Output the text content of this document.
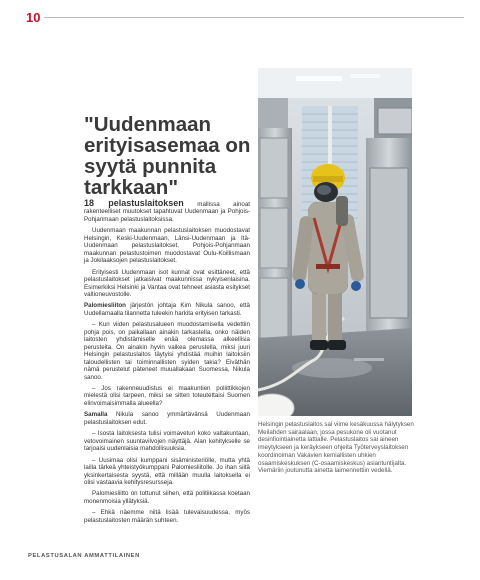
10
"Uudenmaan erityisasemaa on syytä punnita tarkkaan"

18 pelastuslaitoksen mallissa ainoat rakenteelliset muutokset tapahtuvat Uudenmaan ja Pohjois-Pohjanmaan pelastuslaitoksissa.

Uudenmaan maakunnan pelastuslaitoksen muodostavat Helsingin, Keski-Uudenmaan, Länsi-Uudenmaan ja Itä-Uudenmaan pelastuslaitokset. Pohjois-Pohjanmaan maakunnan pelastustoimen muodostavat Oulu-Koillismaan ja Jokilaaksojen pelastuslaitokset.

Erityisesti Uudenmaan isot kunnat ovat esittäneet, että pelastuslaitokset jatkaisivat maakunnissa nykyisenlaisina. Esimerkiksi Helsinki ja Vantaa ovat tehneet asiasta esitykset valtioneuvostolle.

Palomiesliiton järjestön johtaja Kim Nikula sanoo, että Uudellamaalla tilannetta tuleekin harkita erityisen tarkasti.

– Kun viiden pelastusalueen muodostamisella vedettiin pohja pois, on paikallaan ainakin tarkastella, onko näiden laitosten yhdistämiselle enää olemassa alkeellisia perusteita. On ainakin hyvin vaikea perustella, miksi juuri Helsingin pelastuslaitos täytyisi yhdistää muihin laitoksiin taloudellisten tai toiminnallisten syiden takia? Eiväthän nämä perustelut päteneet muuallakaan Suomessa, Nikula sanoo.

– Jos rakenneuudistus ei maakuntien poliittikkojen mielestä olisi tarpeen, miksi se sitten toteutettaisi Suomen elinvoimaisimmalla alueella?

Samalla Nikula sanoo ymmärtävänsä Uudenmaan pelastuslaitoksen edut.

– Isosta laitoksesta tulisi voimaveturi koko valtakuntaan, vetovoimainen suuntavilvojen näyttäjä. Alan kehitykselle se tarjoaisi uudenlaisia mahdollisuuksia.

– Uusimaa olisi kumppani sisäministeriölle, mutta yhtä lailla tärkeä yhteistyökumppani Palomiesliitolle. Jo ihan siitä yksinkertaisesta syystä, että millään muulla laitoksella ei olisi vastaavia kehitysresursseja.

Palomiesliitto on tottunut siihen, että politiikassa koetaan monenmoisia yllätyksiä.

– Ehkä näemme niitä lisää tulevaisuudessa, myös pelastuslaitosten määrän suhteen.

Helsingin pelastuslaitos sai viime kesäkuussa hälytyksen Meilahden sairaalaan, jossa pesukone oli vuotanut desinfiointiainetta lattialle. Pelastuslaitos sai aineen imeytykseen ja keräykseen ohjeita Työterveyslaitoksen koordinoiman Vakavien kemiallisten uhkien osaamiskeskuksen (C-osaamiskeskus) asiantuntijalta. Viemäriin joutunutta ainetta laimennettiin vedellä.
PELASTUSALAN AMMATTILAINEN
